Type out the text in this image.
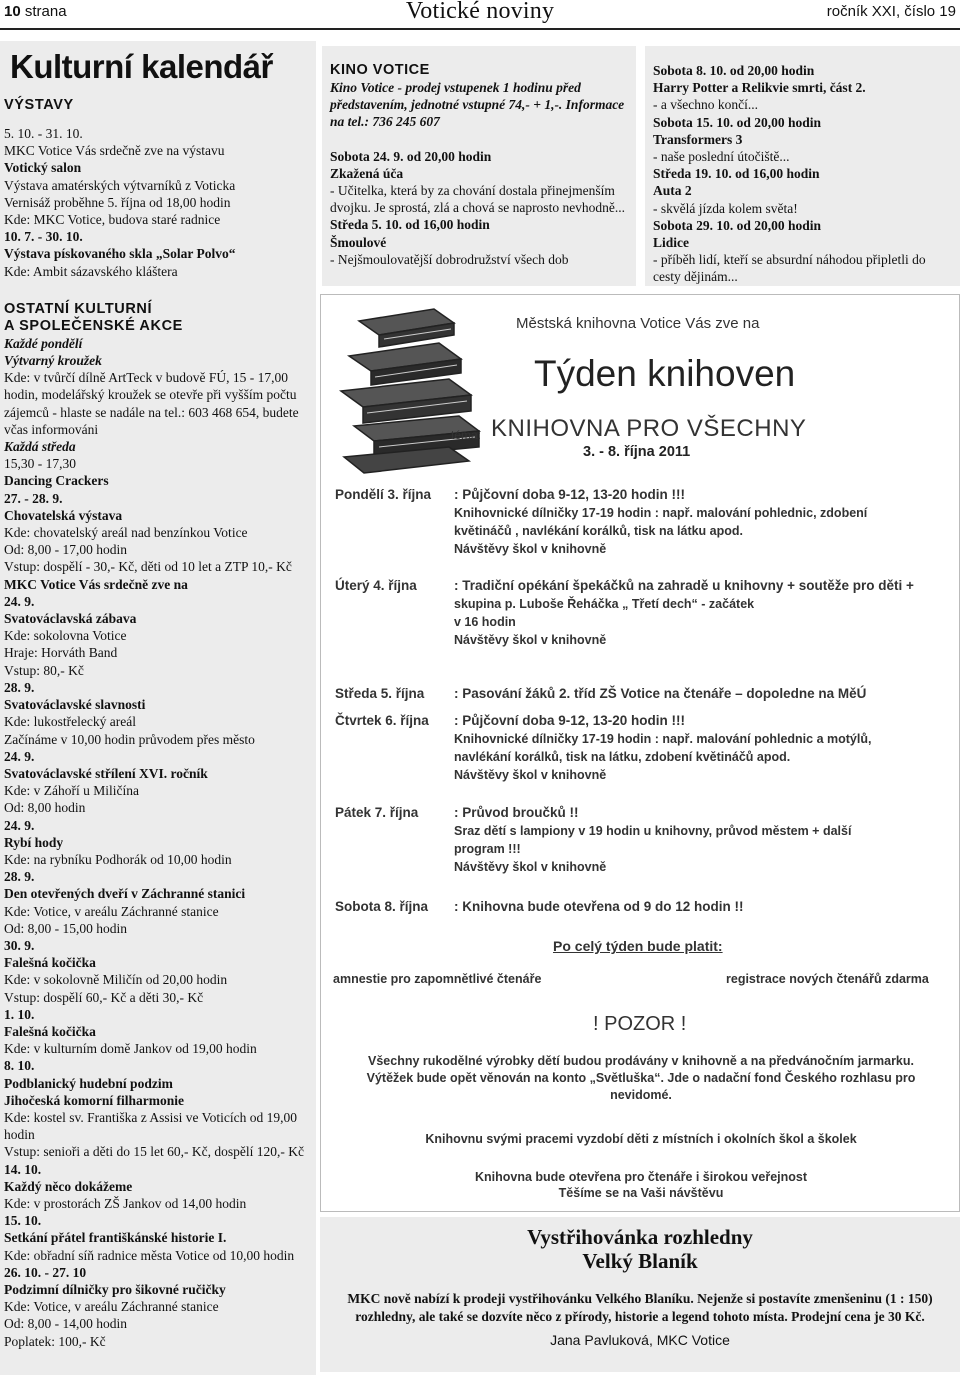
10 strana	Votické noviny	ročník XXI, číslo 19
Kulturní kalendář
VÝSTAVY
5. 10. - 31. 10.
MKC Votice Vás srdečně zve na výstavu
Votický salon
Výstava amatérských výtvarníků z Voticka
Vernisáž proběhne 5. října od 18,00 hodin
Kde: MKC Votice, budova staré radnice
10. 7. - 30. 10.
Výstava pískovaného skla „Solar Polvo“
Kde: Ambit sázavského kláštera
OSTATNÍ KULTURNÍ
A SPOLEČENSKÉ AKCE
Každé pondělí
Výtvarný kroužek
Kde: v tvůrčí dílně ArtTeck v budově FÚ, 15 - 17,00 hodin, modelářský kroužek se otevře při vyšším počtu zájemců - hlaste se nadále na tel.: 603 468 654, budete včas informováni
Každá středa
15,30 - 17,30
Dancing Crackers
27. - 28. 9.
Chovatelská výstava
Kde: chovatelský areál nad benzínkou Votice
Od: 8,00 - 17,00 hodin
Vstup: dospělí - 30,- Kč, děti od 10 let a ZTP 10,- Kč
MKC Votice Vás srdečně zve na
24. 9.
Svatováclavská zábava
Kde: sokolovna Votice
Hraje: Horváth Band
Vstup: 80,- Kč
28. 9.
Svatováclavské slavnosti
Kde: lukostřelecký areál
Začínáme v 10,00 hodin průvodem přes město
24. 9.
Svatováclavské střílení XVI. ročník
Kde: v Záhoří u Miličína
Od: 8,00 hodin
24. 9.
Rybí hody
Kde: na rybníku Podhorák od 10,00 hodin
28. 9.
Den otevřených dveří v Záchranné stanici
Kde: Votice, v areálu Záchranné stanice
Od: 8,00 - 15,00 hodin
30. 9.
Falešná kočička
Kde: v sokolovně Miličín od 20,00 hodin
Vstup: dospělí 60,- Kč a děti 30,- Kč
1. 10.
Falešná kočička
Kde: v kulturním domě Jankov od 19,00 hodin
8. 10.
Podblanický hudební podzim
Jihočeská komorní filharmonie
Kde: kostel sv. Františka z Assisi ve Voticích od 19,00 hodin
Vstup: senioři a děti do 15 let 60,- Kč, dospělí 120,- Kč
14. 10.
Každý něco dokážeme
Kde: v prostorách ZŠ Jankov od 14,00 hodin
15. 10.
Setkání přátel františkánské historie I.
Kde: obřadní síň radnice města Votice od 10,00 hodin
26. 10. - 27. 10
Podzimní dílničky pro šikovné ručičky
Kde: Votice, v areálu Záchranné stanice
Od: 8,00 - 14,00 hodin
Poplatek: 100,- Kč
KINO VOTICE
Kino Votice - prodej vstupenek 1 hodinu před představením, jednotné vstupné 74,- + 1,-. Informace na tel.: 736 245 607
Sobota 24. 9. od 20,00 hodin
Zkažená úča
- Učitelka, která by za chování dostala přinejmenším dvojku. Je sprostá, zlá a chová se naprosto nevhodně...
Středa 5. 10. od 16,00 hodin
Šmoulové
- Nejšmoulovatější dobrodružství všech dob
Sobota 8. 10. od 20,00 hodin
Harry Potter a Relikvie smrti, část 2.
- a všechno končí...
Sobota 15. 10. od 20,00 hodin
Transformers 3
- naše poslední útočiště...
Středa 19. 10. od 16,00 hodin
Auta 2
- skvělá jízda kolem světa!
Sobota 29. 10. od 20,00 hodin
Lidice
- příběh lidí, kteří se absurdní náhodou připletli do cesty dějinám...
Městská knihovna Votice Vás zve na
Týden knihoven
téma: KNIHOVNA PRO VŠECHNY
3. - 8. října 2011
Pondělí 3. října : Půjčovní doba 9-12, 13-20 hodin !!!
Knihovnické dílničky 17-19 hodin : např. malování pohlednic, zdobení
květináčů , navlékání korálků, tisk na látku apod.
Návštěvy škol v knihovně
Úterý 4. října	: Tradiční opékání špekáčků na zahradě u knihovny + soutěže pro děti +
skupina p. Luboše Řeháčka „ Třetí dech“ - začátek
v 16 hodin
Návštěvy škol v knihovně
Středa 5. října : Pasování žáků 2. tříd ZŠ Votice na čtenáře – dopoledne na MěÚ
Čtvrtek 6. října : Půjčovní doba 9-12, 13-20 hodin !!!
Knihovnické dílničky 17-19 hodin : např. malování pohlednic a motýlů,
navlékání korálků, tisk na látku, zdobení květináčů apod.
Návštěvy škol v knihovně
Pátek 7. října	: Průvod broučků !!
Sraz dětí s lampiony v 19 hodin u knihovny, průvod městem + další
program !!!
Návštěvy škol v knihovně
Sobota 8. října : Knihovna bude otevřena od 9 do 12 hodin !!
Po celý týden bude platit:
amnestie pro zapomnětlivé čtenáře	registrace nových čtenářů zdarma
! POZOR !
Všechny rukodělné výrobky dětí budou prodávány v knihovně a na předvánočním jarmarku.
Výtěžek bude opět věnován na konto „Světluška“. Jde o nadační fond Českého rozhlasu pro
nevidomé.
Knihovnu svými pracemi vyzdobí děti z místních i okolních škol a školek
Knihovna bude otevřena pro čtenáře i širokou veřejnost
Těšíme se na Vaši návštěvu
Vystřihovánka rozhledny
Velký Blaník
MKC nově nabízí k prodeji vystřihovánku Velkého Blaníku. Nejenže si postavíte zmenšeninu (1 : 150) rozhledny, ale také se dozvíte něco z přírody, historie a legend tohoto místa. Prodejní cena je 30 Kč.
Jana Pavluková, MKC Votice
